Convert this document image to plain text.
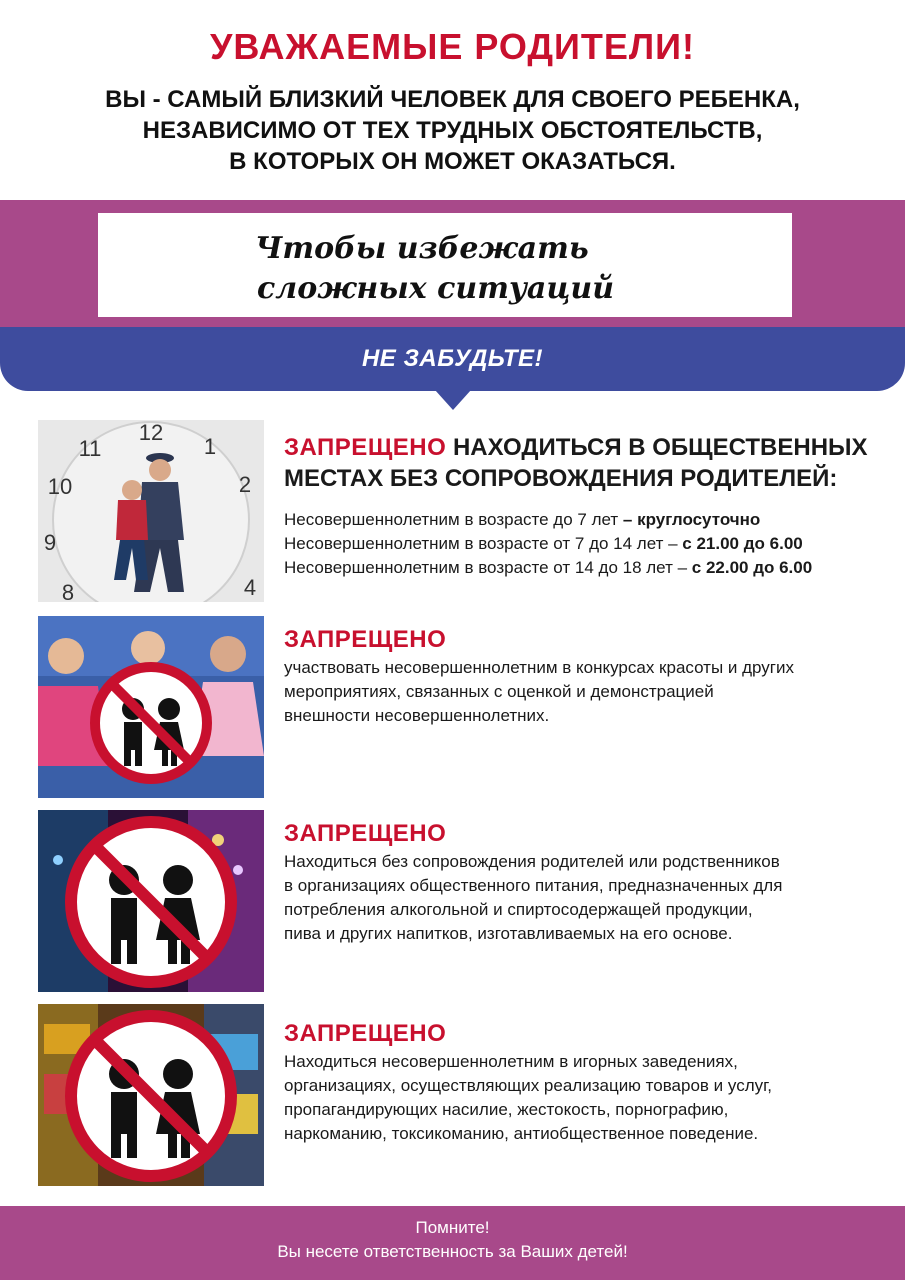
УВАЖАЕМЫЕ РОДИТЕЛИ!
ВЫ - САМЫЙ БЛИЗКИЙ ЧЕЛОВЕК ДЛЯ СВОЕГО РЕБЕНКА,
НЕЗАВИСИМО ОТ ТЕХ ТРУДНЫХ ОБСТОЯТЕЛЬСТВ,
В КОТОРЫХ ОН МОЖЕТ ОКАЗАТЬСЯ.
Чтобы избежать
сложных ситуаций
НЕ ЗАБУДЬТЕ!
12
1
2
11
10
9
8	4
ЗАПРЕЩЕНО НАХОДИТЬСЯ В ОБЩЕСТВЕННЫХ
МЕСТАХ БЕЗ СОПРОВОЖДЕНИЯ РОДИТЕЛЕЙ:
Несовершеннолетним в возрасте до 7 лет – круглосуточно
Несовершеннолетним в возрасте от 7 до 14 лет – с 21.00 до 6.00
Несовершеннолетним в возрасте от 14 до 18 лет – с 22.00 до 6.00
ЗАПРЕЩЕНО
участвовать несовершеннолетним в конкурсах красоты и других
мероприятиях, связанных с оценкой и демонстрацией
внешности несовершеннолетних.
ЗАПРЕЩЕНО
Находиться без сопровождения родителей или родственников
в организациях общественного питания, предназначенных для
потребления алкогольной и спиртосодержащей продукции,
пива и других напитков, изготавливаемых на его основе.
ЗАПРЕЩЕНО
Находиться несовершеннолетним в игорных заведениях,
организациях, осуществляющих реализацию товаров и услуг,
пропагандирующих насилие, жестокость, порнографию,
наркоманию, токсикоманию, антиобщественное поведение.
Помните!
Вы несете ответственность за Ваших детей!
